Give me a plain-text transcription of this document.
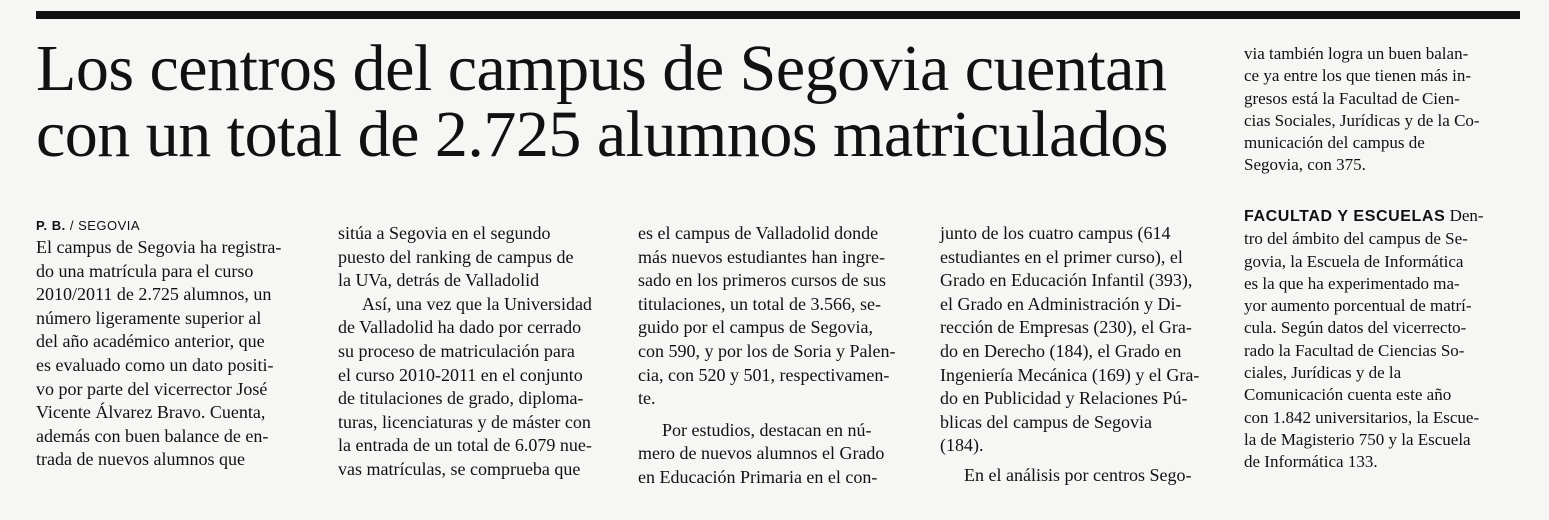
Los centros del campus de Segovia cuentan
con un total de 2.725 alumnos matriculados
P. B. / SEGOVIA

El campus de Segovia ha registra-
do una matrícula para el curso
2010/2011 de 2.725 alumnos, un
número ligeramente superior al
del año académico anterior, que
es evaluado como un dato positi-
vo por parte del vicerrector José
Vicente Álvarez Bravo. Cuenta,
además con buen balance de en-
trada de nuevos alumnos que

sitúa a Segovia en el segundo
puesto del ranking de campus de
la UVa, detrás de Valladolid

Así, una vez que la Universidad
de Valladolid ha dado por cerrado
su proceso de matriculación para
el curso 2010-2011 en el conjunto
de titulaciones de grado, diploma-
turas, licenciaturas y de máster con
la entrada de un total de 6.079 nue-
vas matrículas, se comprueba que

es el campus de Valladolid donde
más nuevos estudiantes han ingre-
sado en los primeros cursos de sus
titulaciones, un total de 3.566, se-
guido por el campus de Segovia,
con 590, y por los de Soria y Palen-
cia, con 520 y 501, respectivamen-
te.

Por estudios, destacan en nú-
mero de nuevos alumnos el Grado
en Educación Primaria en el con-

junto de los cuatro campus (614
estudiantes en el primer curso), el
Grado en Educación Infantil (393),
el Grado en Administración y Di-
rección de Empresas (230), el Gra-
do en Derecho (184), el Grado en
Ingeniería Mecánica (169) y el Gra-
do en Publicidad y Relaciones Pú-
blicas del campus de Segovia
(184).

En el análisis por centros Sego-

via también logra un buen balan-
ce ya entre los que tienen más in-
gresos está la Facultad de Cien-
cias Sociales, Jurídicas y de la Co-
municación del campus de
Segovia, con 375.

FACULTAD Y ESCUELAS Den-
tro del ámbito del campus de Se-
govia, la Escuela de Informática
es la que ha experimentado ma-
yor aumento porcentual de matrí-
cula. Según datos del vicerrecto-
rado la Facultad de Ciencias So-
ciales, Jurídicas y de la
Comunicación cuenta este año
con 1.842 universitarios, la Escue-
la de Magisterio 750 y la Escuela
de Informática 133.
